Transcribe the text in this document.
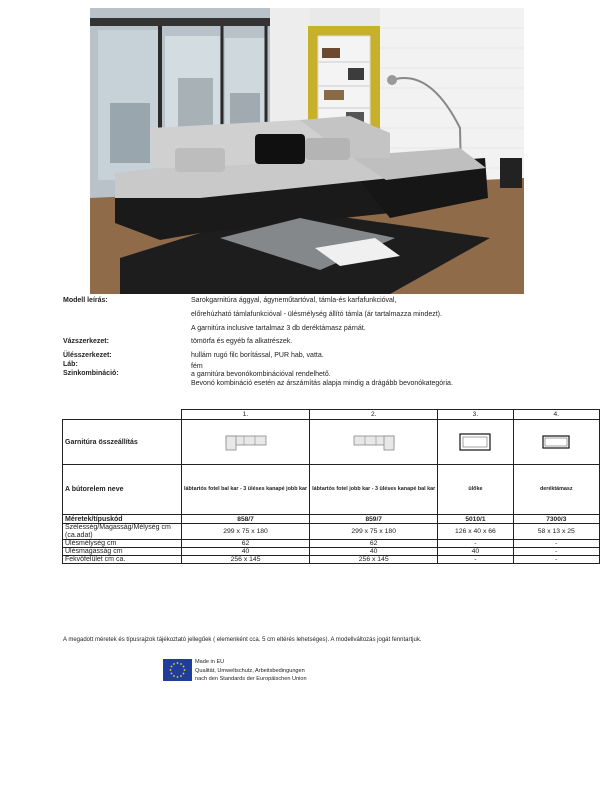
Modell leírás:	Sarokgarnitúra ággyal, ágyneműtartóval, támla-és karfafunkcióval,
előrehúzható támlafunkcióval - ülésmélység állító támla (ár tartalmazza mindezt).
A garnitúra inclusive tartalmaz 3 db deréktámasz párnát.
Vázszerkezet:	tömörfa és egyéb fa alkatrészek.
Ülésszerkezet:	hullám rugó filc borítással, PUR hab, vatta.
Láb:	fém
Szinkombináció:	a garnitúra bevonókombinációval rendelhető.
Bevonó kombináció esetén az árszámítás alapja mindig a drágább bevonókategória.
	1.	2.	3.	4.
Garnitúra összeállítás	

A bútorelem neve	lábtartós fotel bal kar - 3 üléses kanapé jobb kar	lábtartós fotel jobb kar - 3 üléses kanapé bal kar	ülőke	deréktámasz
Méretek/típuskód	858/7	859/7	5010/1	7300/3
Szélesség/Magasság/Mélység cm (ca.adat)	299 x 75 x 180	299 x 75 x 180	126 x 40 x 66	58 x 13 x 25
Ülésmélység cm	62	62	-	-
Ülésmagasság cm	40	40	40	-
Fekvőfelület cm ca.	256 x 145	256 x 145	-	-
A megadott méretek és típusrajzok tájékoztató jellegűek ( elemenként cca. 5 cm eltérés lehetséges). A modellváltozás jogát fenntartjuk.
Made in EU
Qualität, Umweltschutz, Arbeitsbedingungen
nach den Standards der Europäischen Union
